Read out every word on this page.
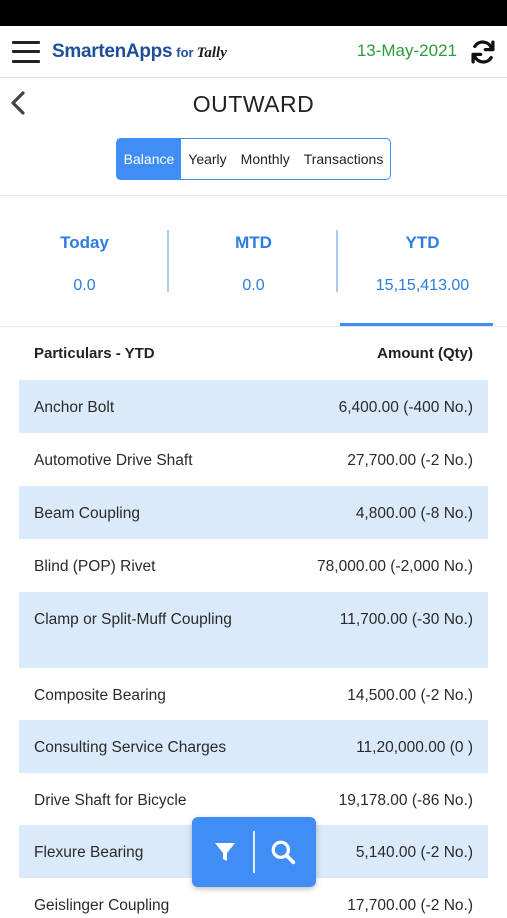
SmartenApps for Tally	13-May-2021
OUTWARD
Balance	Yearly	Monthly	Transactions
Today
0.0
MTD
0.0
YTD
15,15,413.00
Particulars - YTD	Amount (Qty)
Anchor Bolt	6,400.00 (-400 No.)
Automotive Drive Shaft	27,700.00 (-2 No.)
Beam Coupling	4,800.00 (-8 No.)
Blind (POP) Rivet	78,000.00 (-2,000 No.)
Clamp or Split-Muff Coupling	11,700.00 (-30 No.)
Composite Bearing	14,500.00 (-2 No.)
Consulting Service Charges	11,20,000.00 (0 )
Drive Shaft for Bicycle	19,178.00 (-86 No.)
Flexure Bearing	5,140.00 (-2 No.)
Geislinger Coupling	17,700.00 (-2 No.)
